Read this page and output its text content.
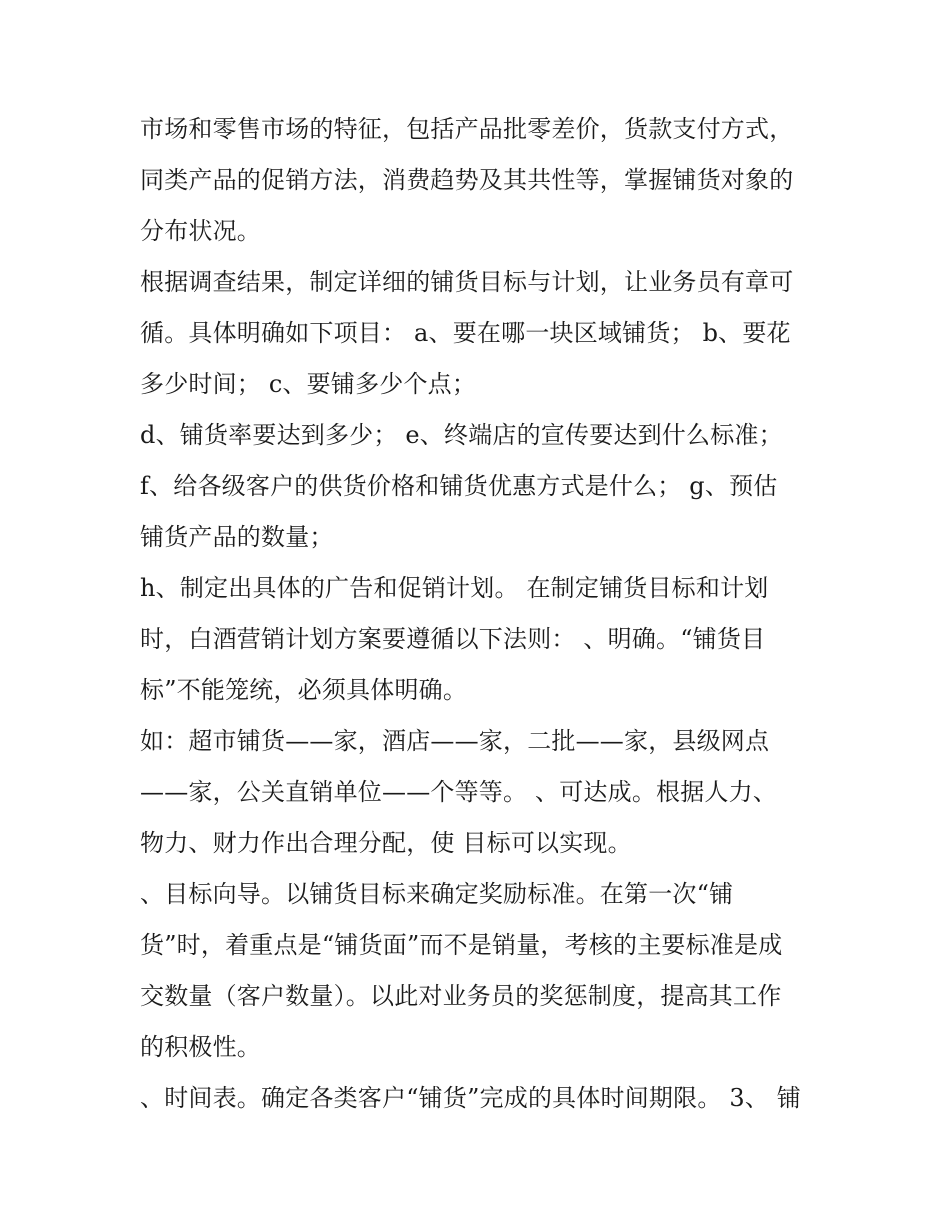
市场和零售市场的特征，包括产品批零差价，货款支付方式，
同类产品的促销方法，消费趋势及其共性等，掌握铺货对象的
分布状况。
根据调查结果，制定详细的铺货目标与计划，让业务员有章可
循。具体明确如下项目： a、要在哪一块区域铺货； b、要花
多少时间； c、要铺多少个点；
d、铺货率要达到多少； e、终端店的宣传要达到什么标准；
f、给各级客户的供货价格和铺货优惠方式是什么； g、预估
铺货产品的数量；
h、制定出具体的广告和促销计划。 在制定铺货目标和计划
时，白酒营销计划方案要遵循以下法则： 、明确。“铺货目
标”不能笼统，必须具体明确。
如：超市铺货——家，酒店——家，二批——家，县级网点
——家，公关直销单位——个等等。 、可达成。根据人力、
物力、财力作出合理分配，使 目标可以实现。
、目标向导。以铺货目标来确定奖励标准。在第一次“铺
货”时，着重点是“铺货面”而不是销量，考核的主要标准是成
交数量（客户数量）。以此对业务员的奖惩制度，提高其工作
的积极性。
、时间表。确定各类客户“铺货”完成的具体时间期限。 3、 铺
